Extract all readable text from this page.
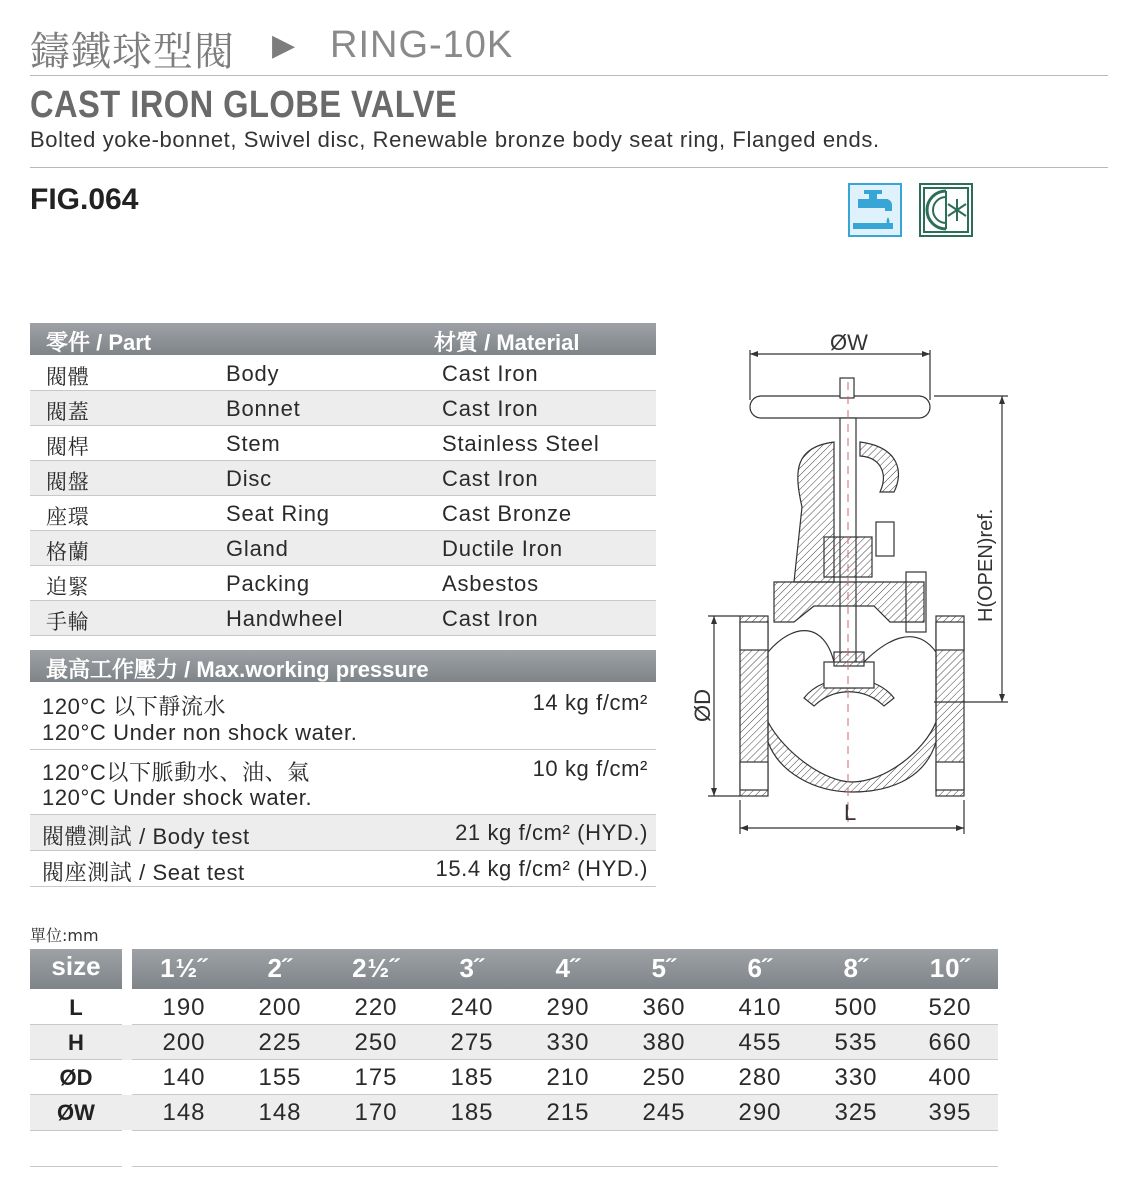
鑄鐵球型閥 ▶ RING-10K
CAST IRON GLOBE VALVE
Bolted yoke-bonnet, Swivel disc, Renewable bronze body seat ring, Flanged ends.
FIG.064
零件 / Part	材質 / Material
閥體	Body	Cast Iron
閥蓋	Bonnet	Cast Iron
閥桿	Stem	Stainless Steel
閥盤	Disc	Cast Iron
座環	Seat Ring	Cast Bronze
格蘭	Gland	Ductile Iron
迫緊	Packing	Asbestos
手輪	Handwheel	Cast Iron
最高工作壓力 / Max.working pressure
120°C 以下靜流水
120°C Under non shock water.
14 kg f/cm²
120°C以下脈動水、油、氣
120°C Under shock water.
10 kg f/cm²
閥體測試 / Body test	21 kg f/cm² (HYD.)
閥座測試 / Seat test	15.4 kg f/cm² (HYD.)
ØW
L
ØD
H(OPEN)ref.
單位:mm
size	1½˝	2˝	2½˝	3˝	4˝	5˝	6˝	8˝	10˝
L	190	200	220	240	290	360	410	500	520
H	200	225	250	275	330	380	455	535	660
ØD	140	155	175	185	210	250	280	330	400
ØW	148	148	170	185	215	245	290	325	395
